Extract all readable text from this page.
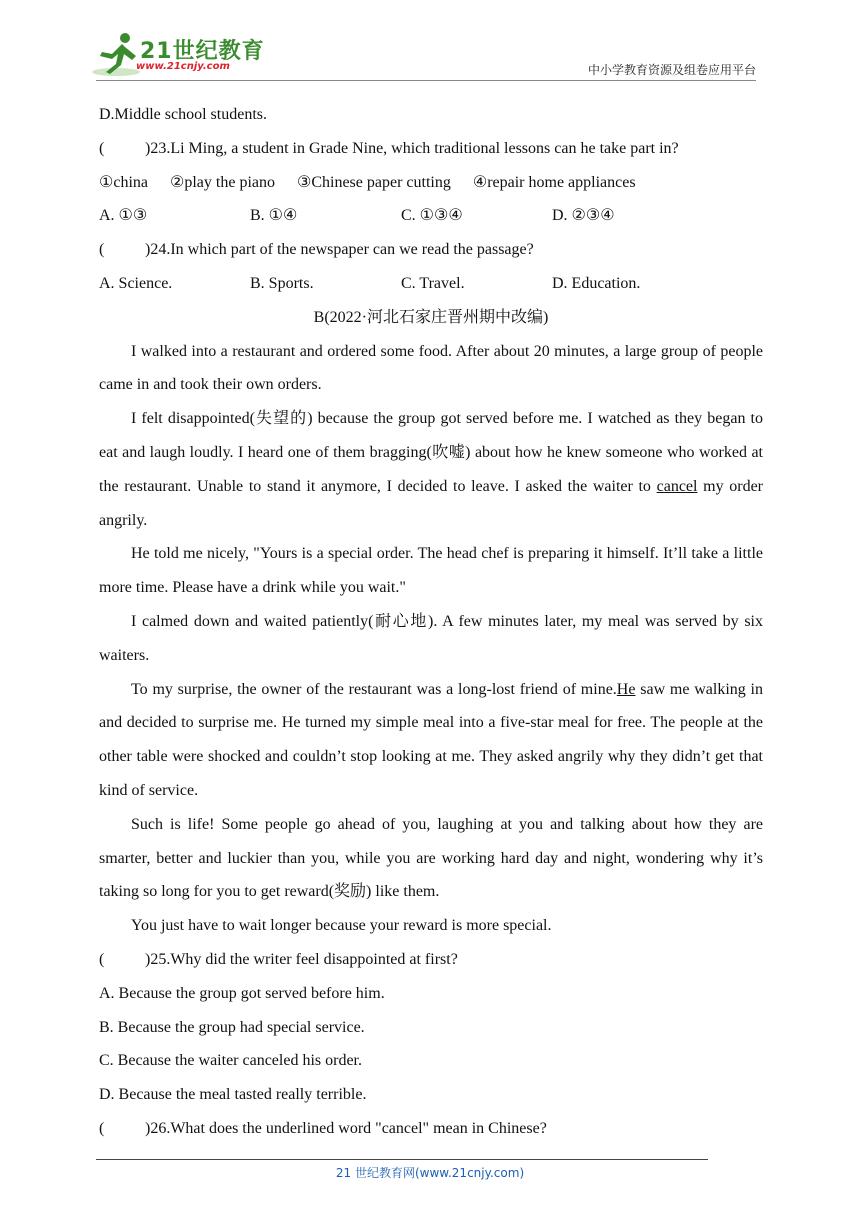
21世纪教育
www.21cnjy.com	中小学教育资源及组卷应用平台
D.Middle school students.
(	)23.Li Ming, a student in Grade Nine, which traditional lessons can he take part in?
①china ②play the piano ③Chinese paper cutting ④repair home appliances
A. ①③	B. ①④	C. ①③④	D. ②③④
(	)24.In which part of the newspaper can we read the passage?
A. Science.	B. Sports.	C. Travel.	D. Education.
B(2022·河北石家庄晋州期中改编)

I walked into a restaurant and ordered some food. After about 20 minutes, a large group of people came in and took their own orders.

I felt disappointed(失望的) because the group got served before me. I watched as they began to eat and laugh loudly. I heard one of them bragging(吹嘘) about how he knew someone who worked at the restaurant. Unable to stand it anymore, I decided to leave. I asked the waiter to cancel my order angrily.

He told me nicely, "Yours is a special order. The head chef is preparing it himself. It’ll take a little more time. Please have a drink while you wait."

I calmed down and waited patiently(耐心地). A few minutes later, my meal was served by six waiters.

To my surprise, the owner of the restaurant was a long-lost friend of mine.He saw me walking in and decided to surprise me. He turned my simple meal into a five-star meal for free. The people at the other table were shocked and couldn’t stop looking at me. They asked angrily why they didn’t get that kind of service.

Such is life! Some people go ahead of you, laughing at you and talking about how they are smarter, better and luckier than you, while you are working hard day and night, wondering why it’s taking so long for you to get reward(奖励) like them.

You just have to wait longer because your reward is more special.

(	)25.Why did the writer feel disappointed at first?
A. Because the group got served before him.
B. Because the group had special service.
C. Because the waiter canceled his order.
D. Because the meal tasted really terrible.
(	)26.What does the underlined word "cancel" mean in Chinese?
21 世纪教育网(www.21cnjy.com)
